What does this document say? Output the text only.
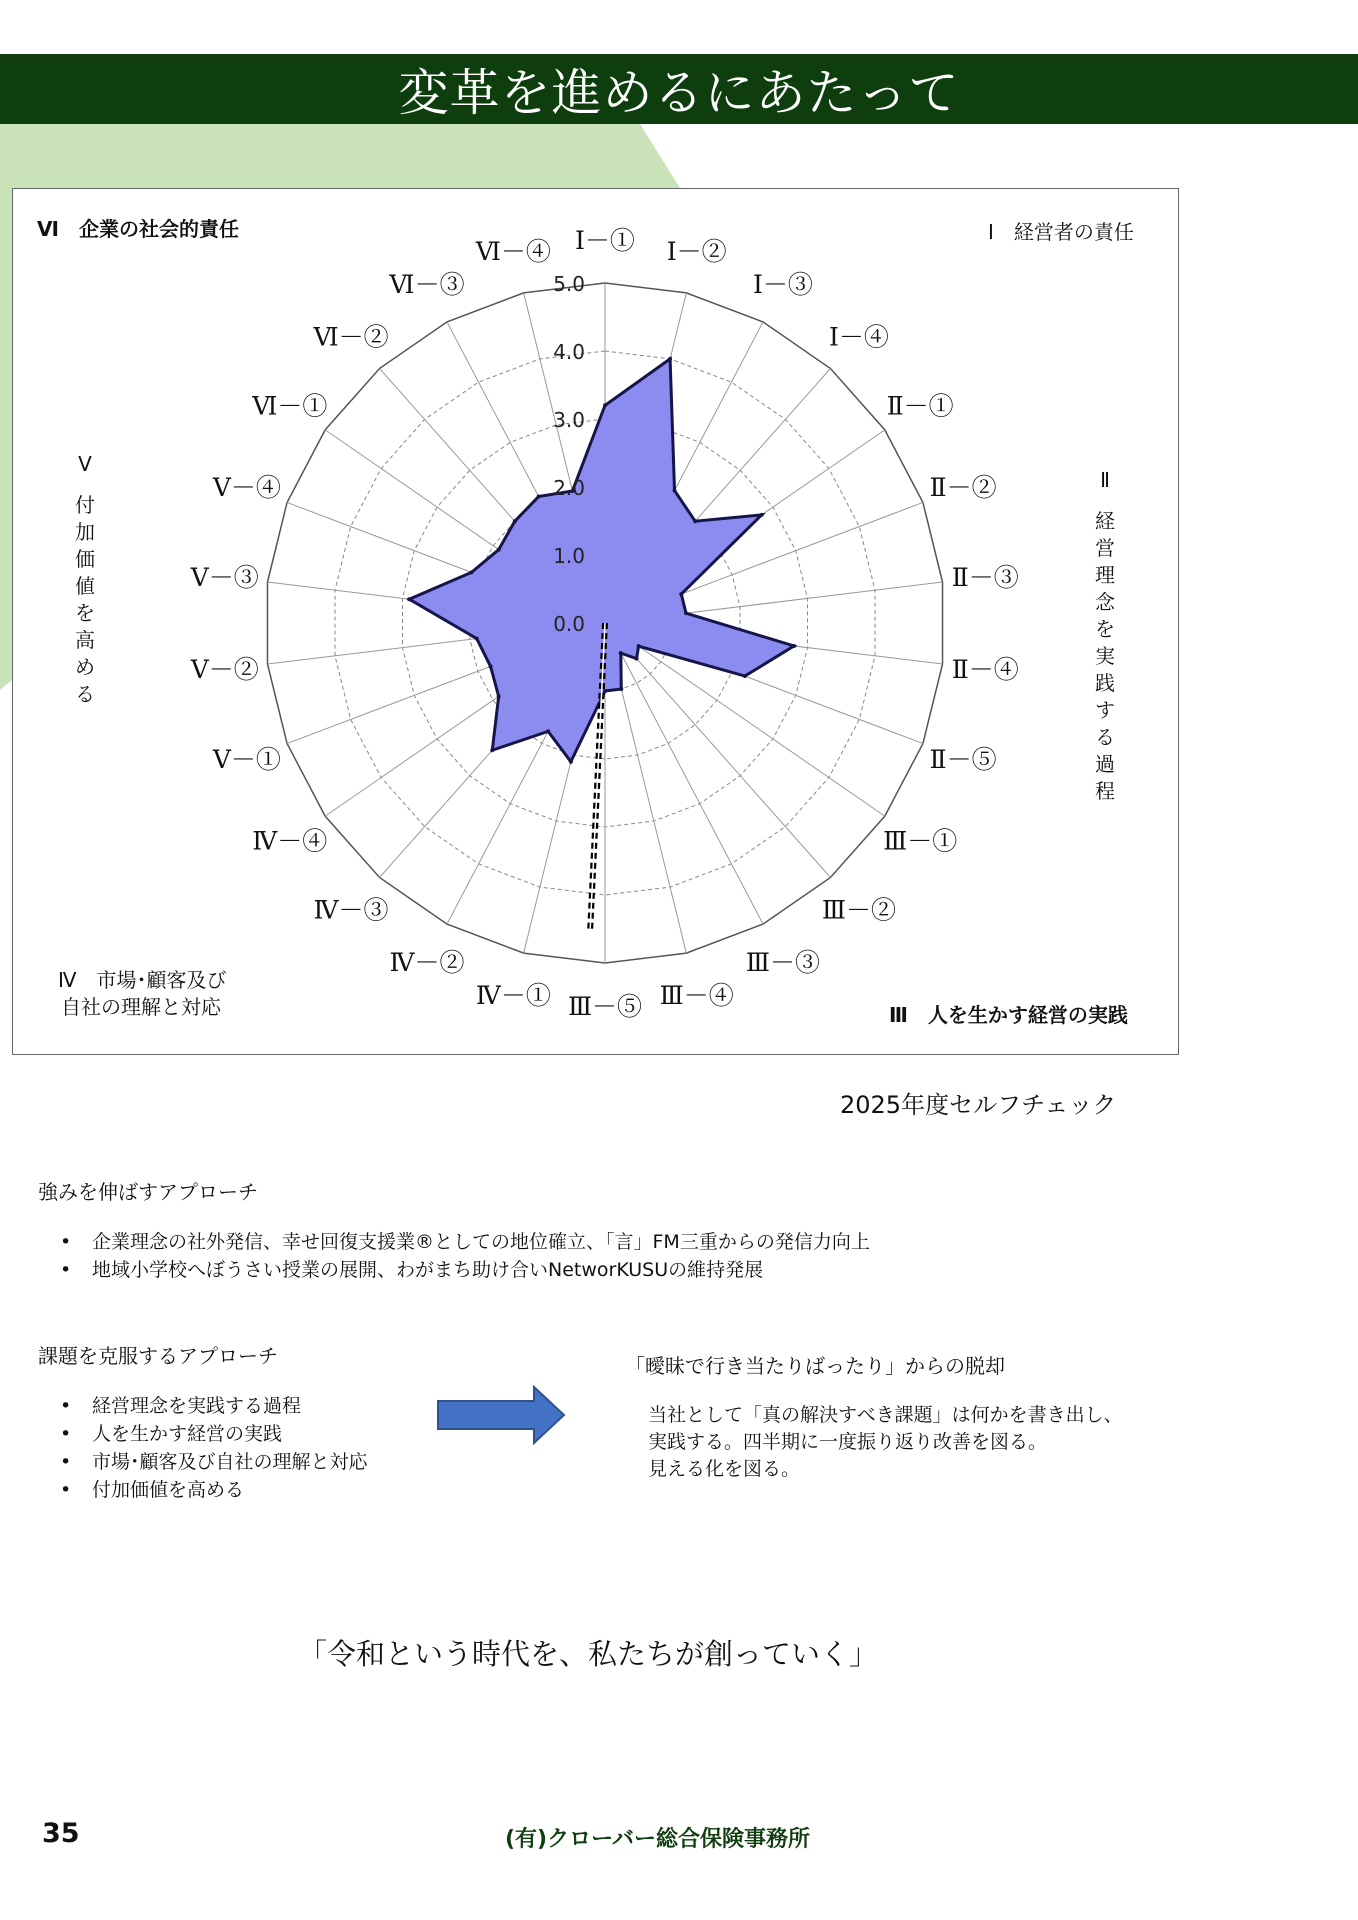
変革を進めるにあたって
0.0
1.0
2.0
3.0
4.0
5.0
Ⅰ－① Ⅰ－②
Ⅰ－③
Ⅰ－④
Ⅱ－①
Ⅱ－②
Ⅱ－③
Ⅱ－④
Ⅱ－⑤
Ⅲ－①
Ⅲ－②
Ⅲ－③
Ⅲ－④
Ⅲ－⑤
Ⅳ－①
Ⅳ－②
Ⅳ－③
Ⅳ－④
Ⅴ－①
Ⅴ－②
Ⅴ－③
Ⅴ－④
Ⅵ－①
Ⅵ－②
Ⅵ－③
Ⅵ－④
Ⅵ　企業の社会的責任	Ⅰ　経営者の責任
Ⅲ　人を生かす経営の実践
Ⅳ　市場･顧客及び
自社の理解と対応
Ⅱ
経
営
理
念
を
実
践
す
る
過
程
Ⅴ
付
加
価
値
を
高
め
る
2025年度セルフチェック
強みを伸ばすアプローチ
• 企業理念の社外発信、幸せ回復支援業®としての地位確立、「言」FM三重からの発信力向上
• 地域小学校へぼうさい授業の展開、わがまち助け合いNetworKUSUの維持発展
課題を克服するアプローチ
• 経営理念を実践する過程
• 人を生かす経営の実践
• 市場･顧客及び自社の理解と対応
• 付加価値を高める
「曖昧で行き当たりばったり」からの脱却
当社として「真の解決すべき課題」は何かを書き出し、
実践する。四半期に一度振り返り改善を図る。
見える化を図る。
「令和という時代を、私たちが創っていく」
35	(有)クローバー総合保険事務所
